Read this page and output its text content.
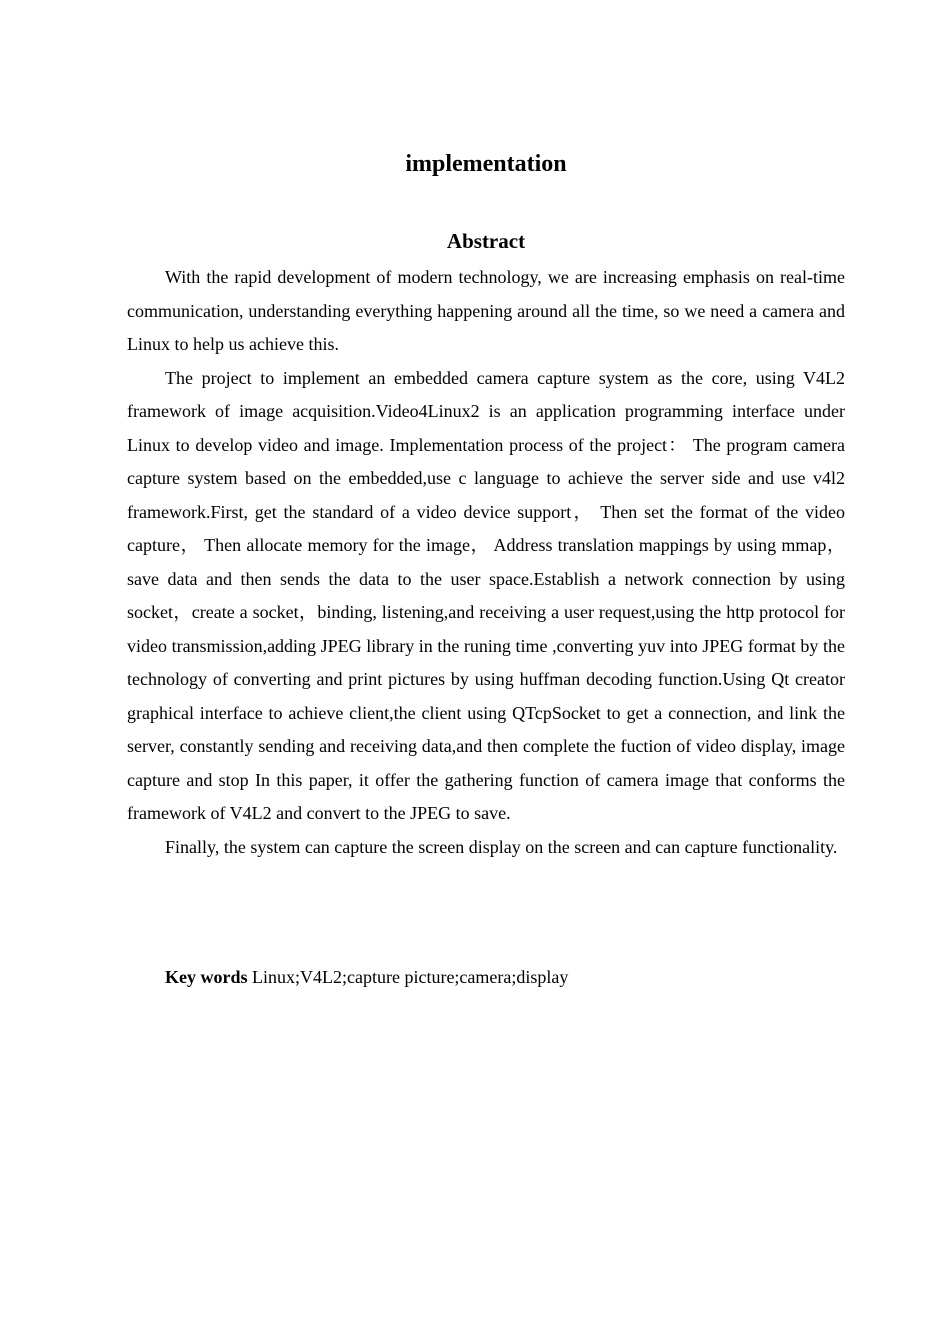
implementation
Abstract

With the rapid development of modern technology, we are increasing emphasis on real-time communication, understanding everything happening around all the time, so we need a camera and Linux to help us achieve this.

The project to implement an embedded camera capture system as the core, using V4L2 framework of image acquisition.Video4Linux2 is an application programming interface under Linux to develop video and image. Implementation process of the project： The program camera capture system based on the embedded,use c language to achieve the server side and use v4l2 framework.First, get the standard of a video device support， Then set the format of the video capture， Then allocate memory for the image， Address translation mappings by using mmap， save data and then sends the data to the user space.Establish a network connection by using socket，create a socket，binding, listening,and receiving a user request,using the http protocol for video transmission,adding JPEG library in the runing time ,converting yuv into JPEG format by the technology of converting and print pictures by using huffman decoding function.Using Qt creator graphical interface to achieve client,the client using QTcpSocket to get a connection, and link the server, constantly sending and receiving data,and then complete the fuction of video display, image capture and stop In this paper, it offer the gathering function of camera image that conforms the framework of V4L2 and convert to the JPEG to save.

Finally, the system can capture the screen display on the screen and can capture functionality.

Key words Linux;V4L2;capture picture;camera;display
